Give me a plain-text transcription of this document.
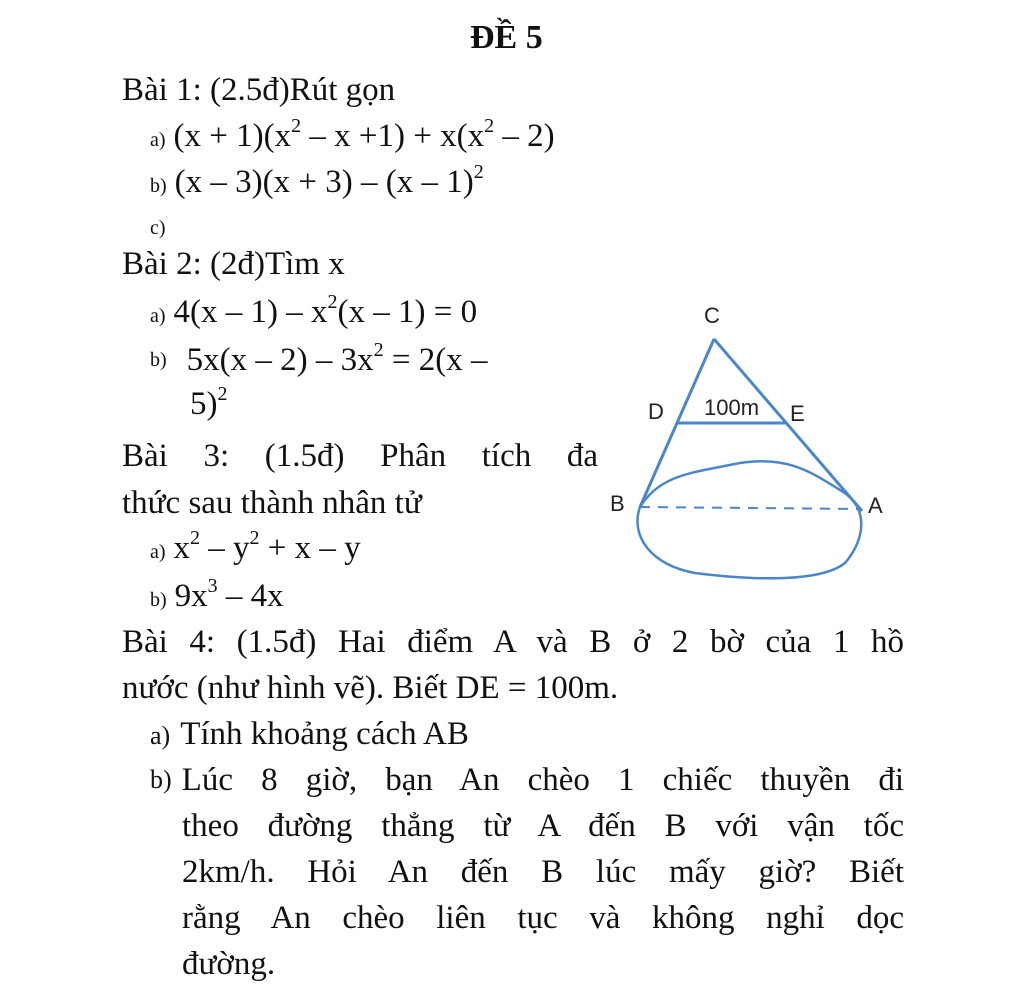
ĐỀ 5
Bài 1: (2.5đ)Rút gọn
a) $(x + 1)(x^2 - x +1) + x(x^2 - 2)$
b) (x – 3)(x + 3) – (x – 1)$^2$
c)
Bài 2: (2đ)Tìm x
a) $4(x - 1) - x^2(x - 1) = 0$
b) $5x(x - 2) - 3x^2 = 2(x$ –
5)$^2$
Bài 3: (1.5đ) Phân tích đa
thức sau thành nhân tử
a) $x^2 - y^2 + x - y$
b) $9x^3 - 4x$
Bài 4: (1.5đ) Hai điểm A và B ở 2 bờ của 1 hồ
nước (như hình vẽ). Biết DE = 100m.
a) Tính khoảng cách AB
b) Lúc 8 giờ, bạn An chèo 1 chiếc thuyền đi
theo đường thẳng từ A đến B với vận tốc
2km/h. Hỏi An đến B lúc mấy giờ? Biết
rằng An chèo liên tục và không nghỉ dọc
đường.
C
D	E
B	A
100m
